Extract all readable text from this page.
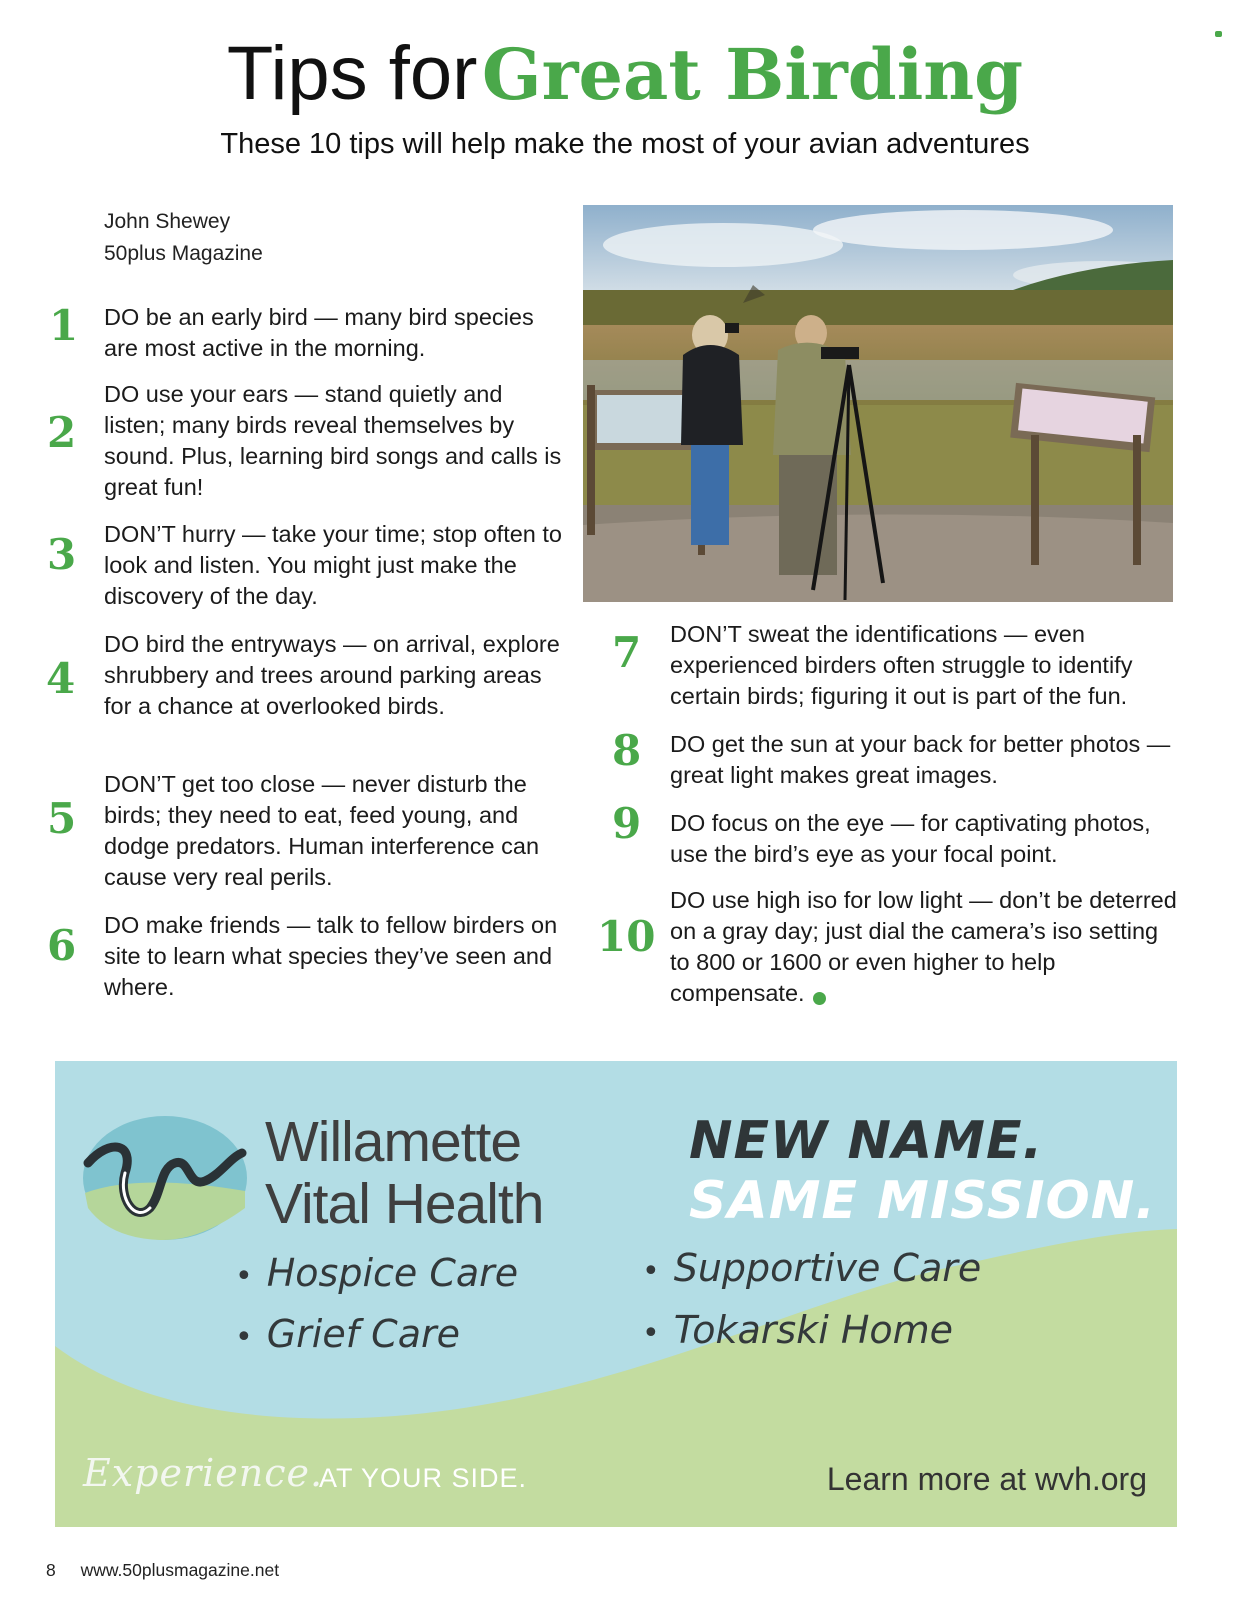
Tips for Great Birding
These 10 tips will help make the most of your avian adventures
John Shewey
50plus Magazine
1 DO be an early bird — many bird species are most active in the morning.
2
DO use your ears — stand quietly and listen; many birds reveal themselves by sound. Plus, learning bird songs and calls is great fun!
3 DON’T hurry — take your time; stop often to look and listen. You might just make the discovery of the day.
4
DO bird the entryways — on arrival, explore shrubbery and trees around parking areas for a chance at overlooked birds.
5
DON’T get too close — never disturb the birds; they need to eat, feed young, and dodge predators. Human interference can cause very real perils.
6 DO make friends — talk to fellow birders on site to learn what species they’ve seen and where.
7 DON’T sweat the identifications — even experienced birders often struggle to identify certain birds; figuring it out is part of the fun.
8 DO get the sun at your back for better photos — great light makes great images.
9 DO focus on the eye — for captivating photos, use the bird’s eye as your focal point.
10
DO use high iso for low light — don’t be deterred on a gray day; just dial the camera’s iso setting to 800 or 1600 or even higher to help compensate.
Willamette
Vital Health
NEW NAME.
SAME MISSION.
• Hospice Care
• Grief Care
• Supportive Care
• Tokarski Home
Experience.
AT YOUR SIDE.	Learn more at wvh.org
8 www.50plusmagazine.net
